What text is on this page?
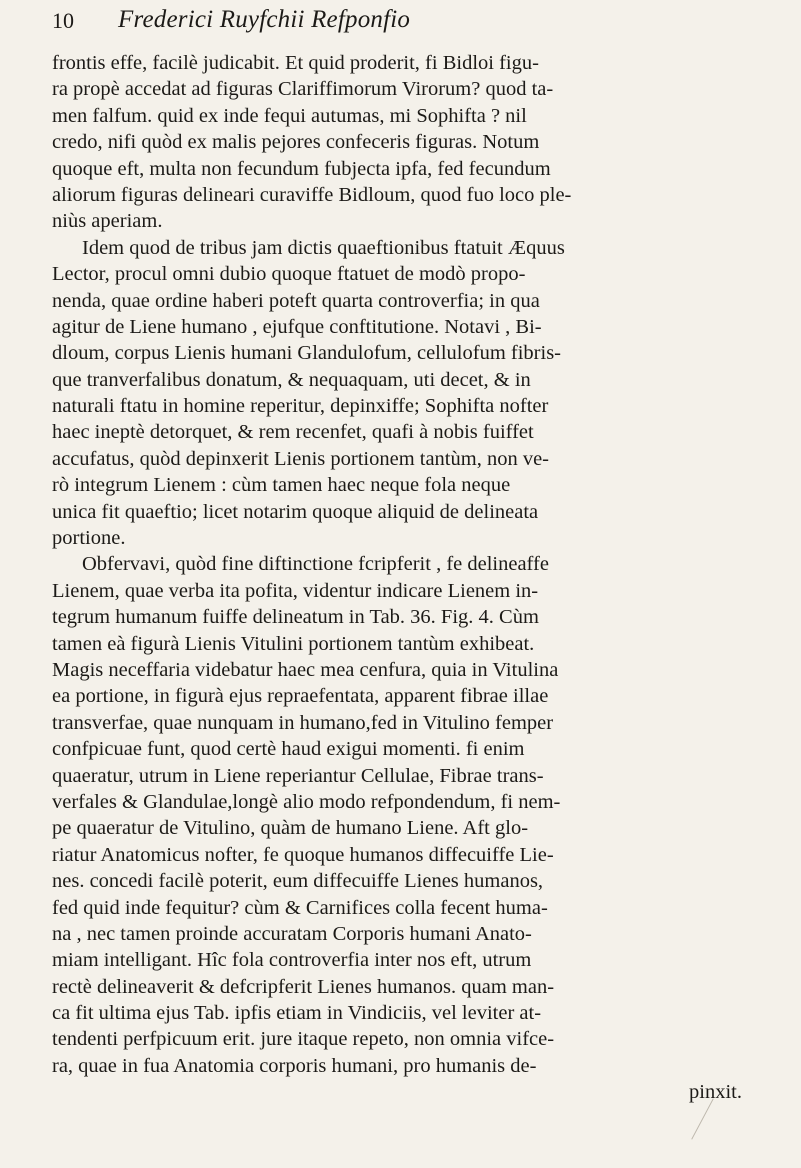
10 Frederici Ruyfchii Refponfio
frontis effe, facilè judicabit. Et quid proderit, fi Bidloi figu-
ra propè accedat ad figuras Clariffimorum Virorum? quod ta-
men falfum. quid ex inde fequi autumas, mi Sophifta ? nil
credo, nifi quòd ex malis pejores confeceris figuras. Notum
quoque eft, multa non fecundum fubjecta ipfa, fed fecundum
aliorum figuras delineari curaviffe Bidloum, quod fuo loco ple-
niùs aperiam.
Idem quod de tribus jam dictis quaeftionibus ftatuit Æquus
Lector, procul omni dubio quoque ftatuet de modò propo-
nenda, quae ordine haberi poteft quarta controverfia; in qua
agitur de Liene humano , ejufque conftitutione. Notavi , Bi-
dloum, corpus Lienis humani Glandulofum, cellulofum fibris-
que tranverfalibus donatum, & nequaquam, uti decet, & in
naturali ftatu in homine reperitur, depinxiffe; Sophifta nofter
haec ineptè detorquet, & rem recenfet, quafi à nobis fuiffet
accufatus, quòd depinxerit Lienis portionem tantùm, non ve-
rò integrum Lienem : cùm tamen haec neque fola neque
unica fit quaeftio; licet notarim quoque aliquid de delineata
portione.
Obfervavi, quòd fine diftinctione fcripferit , fe delineaffe
Lienem, quae verba ita pofita, videntur indicare Lienem in-
tegrum humanum fuiffe delineatum in Tab. 36. Fig. 4. Cùm
tamen eà figurà Lienis Vitulini portionem tantùm exhibeat.
Magis neceffaria videbatur haec mea cenfura, quia in Vitulina
ea portione, in figurà ejus repraefentata, apparent fibrae illae
transverfae, quae nunquam in humano,fed in Vitulino femper
confpicuae funt, quod certè haud exigui momenti. fi enim
quaeratur, utrum in Liene reperiantur Cellulae, Fibrae trans-
verfales & Glandulae,longè alio modo refpondendum, fi nem-
pe quaeratur de Vitulino, quàm de humano Liene. Aft glo-
riatur Anatomicus nofter, fe quoque humanos diffecuiffe Lie-
nes. concedi facilè poterit, eum diffecuiffe Lienes humanos,
fed quid inde fequitur? cùm & Carnifices colla fecent huma-
na , nec tamen proinde accuratam Corporis humani Anato-
miam intelligant. Hîc fola controverfia inter nos eft, utrum
rectè delineaverit & defcripferit Lienes humanos. quam man-
ca fit ultima ejus Tab. ipfis etiam in Vindiciis, vel leviter at-
tendenti perfpicuum erit. jure itaque repeto, non omnia vifce-
ra, quae in fua Anatomia corporis humani, pro humanis de-
pinxit.
